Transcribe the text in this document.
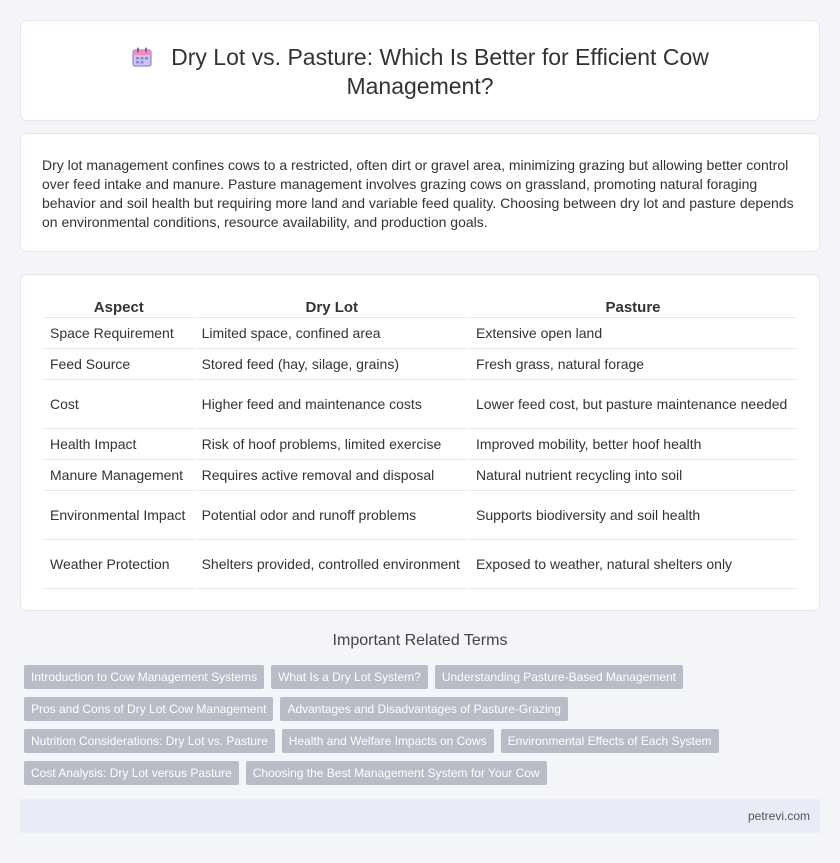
Dry Lot vs. Pasture: Which Is Better for Efficient Cow Management?

Dry lot management confines cows to a restricted, often dirt or gravel area, minimizing grazing but allowing better control over feed intake and manure. Pasture management involves grazing cows on grassland, promoting natural foraging behavior and soil health but requiring more land and variable feed quality. Choosing between dry lot and pasture depends on environmental conditions, resource availability, and production goals.

Aspect	Dry Lot	Pasture
Space Requirement	Limited space, confined area	Extensive open land
Feed Source	Stored feed (hay, silage, grains)	Fresh grass, natural forage
Cost	Higher feed and maintenance costs	Lower feed cost, but pasture maintenance needed
Health Impact	Risk of hoof problems, limited exercise	Improved mobility, better hoof health
Manure Management	Requires active removal and disposal	Natural nutrient recycling into soil
Environmental Impact	Potential odor and runoff problems	Supports biodiversity and soil health
Weather Protection	Shelters provided, controlled environment	Exposed to weather, natural shelters only
Important Related Terms
Introduction to Cow Management Systems	What Is a Dry Lot System?	Understanding Pasture-Based Management
Pros and Cons of Dry Lot Cow Management	Advantages and Disadvantages of Pasture-Grazing
Nutrition Considerations: Dry Lot vs. Pasture	Health and Welfare Impacts on Cows	Environmental Effects of Each System
Cost Analysis: Dry Lot versus Pasture	Choosing the Best Management System for Your Cow
petrevi.com
